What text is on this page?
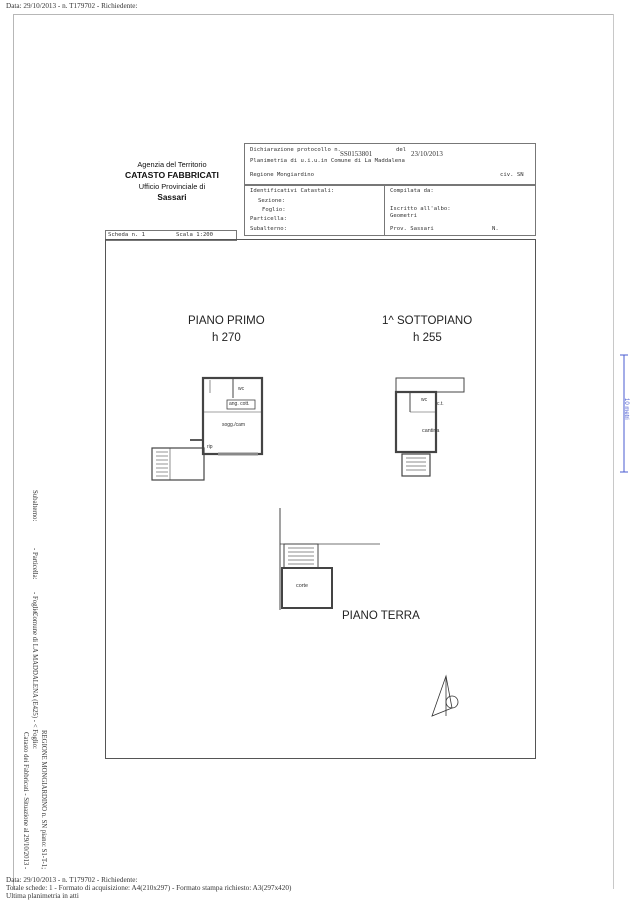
Data: 29/10/2013 - n. T179702 - Richiedente:
Agenzia del Territorio
CATASTO FABBRICATI
Ufficio Provinciale di
Sassari
Dichiarazione protocollo n. SS0153801	del 23/10/2013
Planimetria di u.i.u.in Comune di La Maddalena
Regione Mongiardino	civ. SN
Identificativi Catastali:
Sezione:
Foglio:
Particella:
Subalterno:
Compilata da:
Iscritto all'albo:
Geometri
Prov. Sassari	N.
Scheda n. 1	Scala 1:200
PIANO PRIMO
h 270
1^ SOTTOPIANO
h 255
PIANO TERRA
wc
ang. cott.
sogg./cam
rip
wc
c.t.
cantina
corte
10 metri
Subalterno:
- Particella:
- Foglio:
Comune di LA MADDALENA (E425) - < Foglio:
Catasto dei Fabbricati - Situazione al 29/10/2013 - REGIONE MONGIARDINO n. SN piano: S1-T-1;
Data: 29/10/2013 - n. T179702 - Richiedente:
Totale schede: 1 - Formato di acquisizione: A4(210x297) - Formato stampa richiesto: A3(297x420)
Ultima planimetria in atti
